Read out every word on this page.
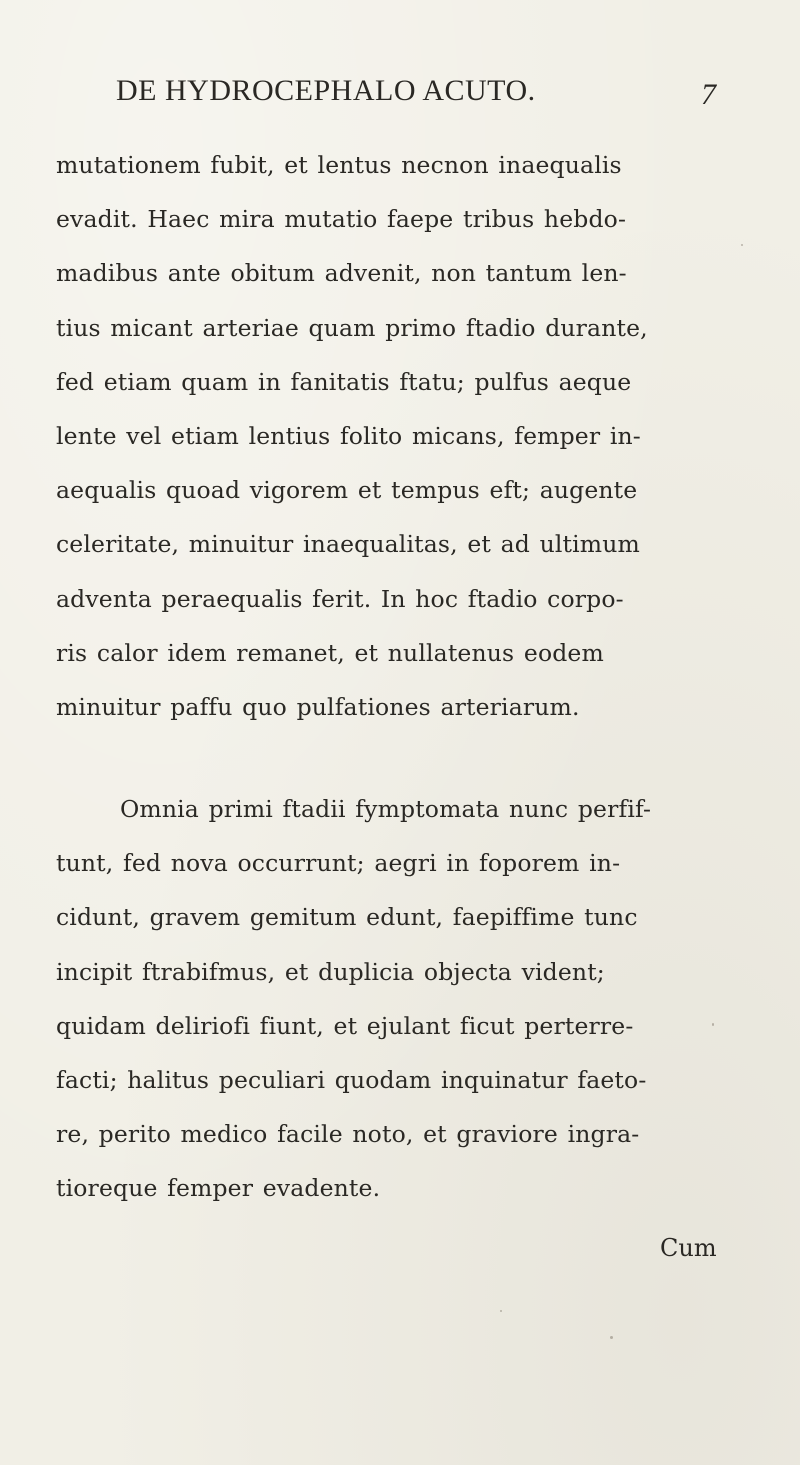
DE HYDROCEPHALO ACUTO.	7
mutationem fubit, et lentus necnon inaequalis
evadit. Haec mira mutatio faepe tribus hebdo-
madibus ante obitum advenit, non tantum len-
tius micant arteriae quam primo ftadio durante,
fed etiam quam in fanitatis ftatu; pulfus aeque
lente vel etiam lentius folito micans, femper in-
aequalis quoad vigorem et tempus eft; augente
celeritate, minuitur inaequalitas, et ad ultimum
adventa peraequalis ferit. In hoc ftadio corpo-
ris calor idem remanet, et nullatenus eodem
minuitur paffu quo pulfationes arteriarum.
Omnia primi ftadii fymptomata nunc perfif-
tunt, fed nova occurrunt; aegri in foporem in-
cidunt, gravem gemitum edunt, faepiffime tunc
incipit ftrabifmus, et duplicia objecta vident;
quidam deliriofi fiunt, et ejulant ficut perterre-
facti; halitus peculiari quodam inquinatur faeto-
re, perito medico facile noto, et graviore ingra-
tioreque femper evadente.
Cum
